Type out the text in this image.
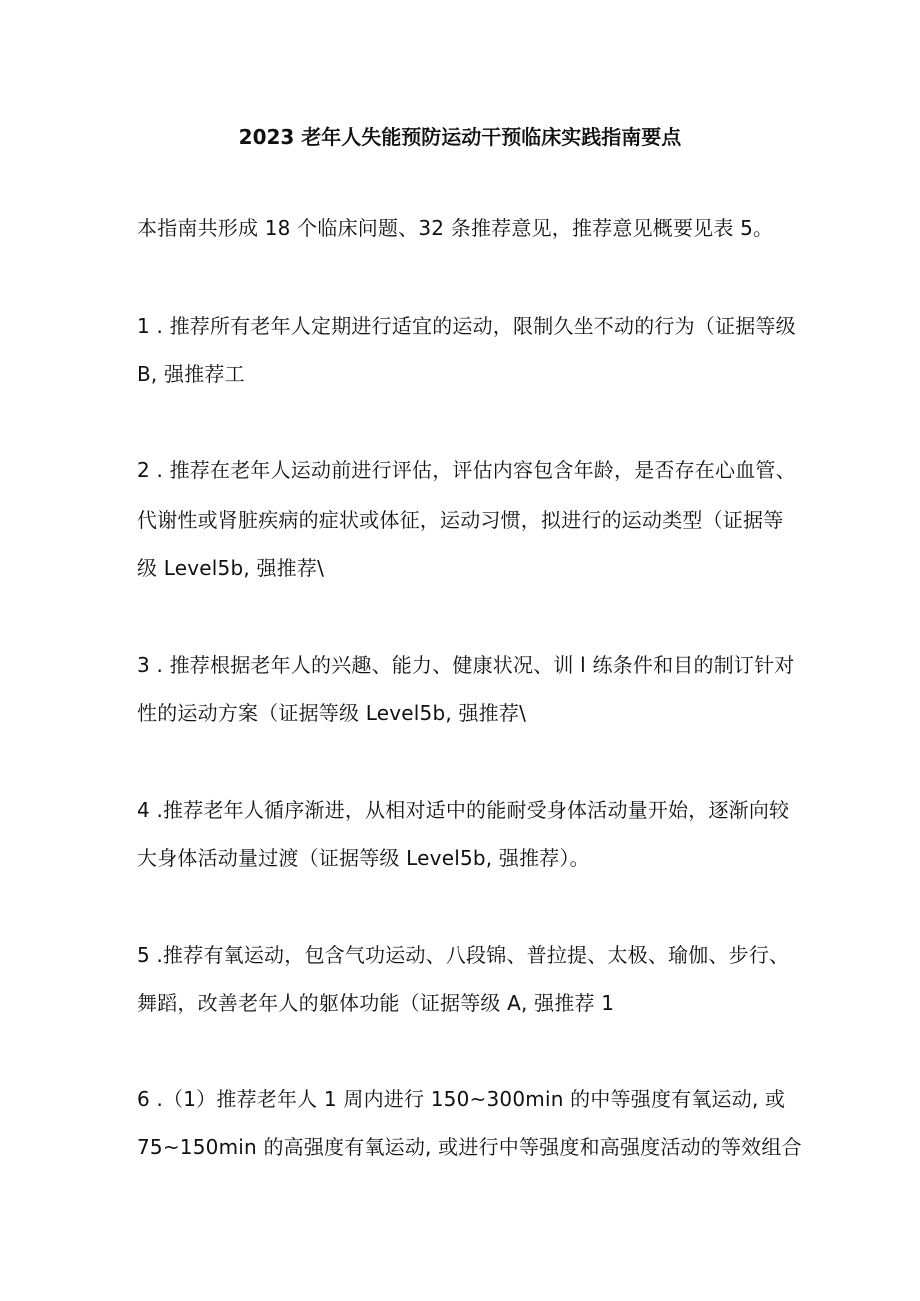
2023 老年人失能预防运动干预临床实践指南要点
本指南共形成 18 个临床问题、32 条推荐意见，推荐意见概要见表 5。
1 . 推荐所有老年人定期进行适宜的运动，限制久坐不动的行为（证据等级
B, 强推荐工
2 . 推荐在老年人运动前进行评估，评估内容包含年龄，是否存在心血管、
代谢性或肾脏疾病的症状或体征，运动习惯，拟进行的运动类型（证据等
级 Level5b, 强推荐\
3 . 推荐根据老年人的兴趣、能力、健康状况、训 l 练条件和目的制订针对
性的运动方案（证据等级 Level5b, 强推荐\
4 .推荐老年人循序渐进，从相对适中的能耐受身体活动量开始，逐渐向较
大身体活动量过渡（证据等级 Level5b, 强推荐）。
5 .推荐有氧运动，包含气功运动、八段锦、普拉提、太极、瑜伽、步行、
舞蹈，改善老年人的躯体功能（证据等级 A, 强推荐 1
6 .（1）推荐老年人 1 周内进行 150~300min 的中等强度有氧运动, 或
75~150min 的高强度有氧运动, 或进行中等强度和高强度活动的等效组合
